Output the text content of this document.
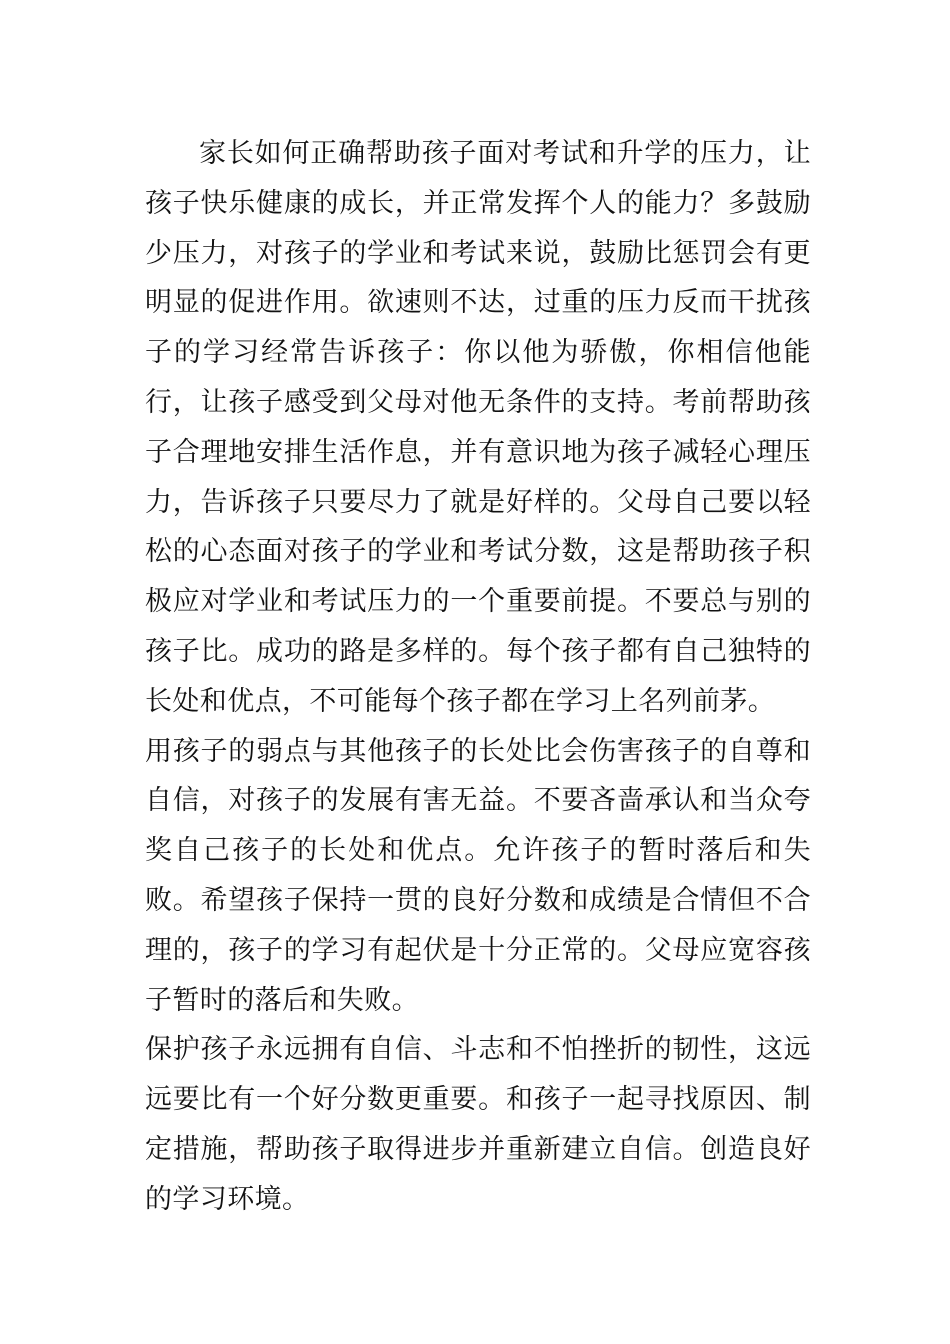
家长如何正确帮助孩子面对考试和升学的压力，让孩子快乐健康的成长，并正常发挥个人的能力？多鼓励少压力，对孩子的学业和考试来说，鼓励比惩罚会有更明显的促进作用。欲速则不达，过重的压力反而干扰孩子的学习经常告诉孩子：你以他为骄傲，你相信他能行，让孩子感受到父母对他无条件的支持。考前帮助孩子合理地安排生活作息，并有意识地为孩子减轻心理压力，告诉孩子只要尽力了就是好样的。父母自己要以轻松的心态面对孩子的学业和考试分数，这是帮助孩子积极应对学业和考试压力的一个重要前提。不要总与别的孩子比。成功的路是多样的。每个孩子都有自己独特的长处和优点，不可能每个孩子都在学习上名列前茅。

用孩子的弱点与其他孩子的长处比会伤害孩子的自尊和自信，对孩子的发展有害无益。不要吝啬承认和当众夸奖自己孩子的长处和优点。允许孩子的暂时落后和失败。希望孩子保持一贯的良好分数和成绩是合情但不合理的，孩子的学习有起伏是十分正常的。父母应宽容孩子暂时的落后和失败。

保护孩子永远拥有自信、斗志和不怕挫折的韧性，这远远要比有一个好分数更重要。和孩子一起寻找原因、制定措施，帮助孩子取得进步并重新建立自信。创造良好的学习环境。
